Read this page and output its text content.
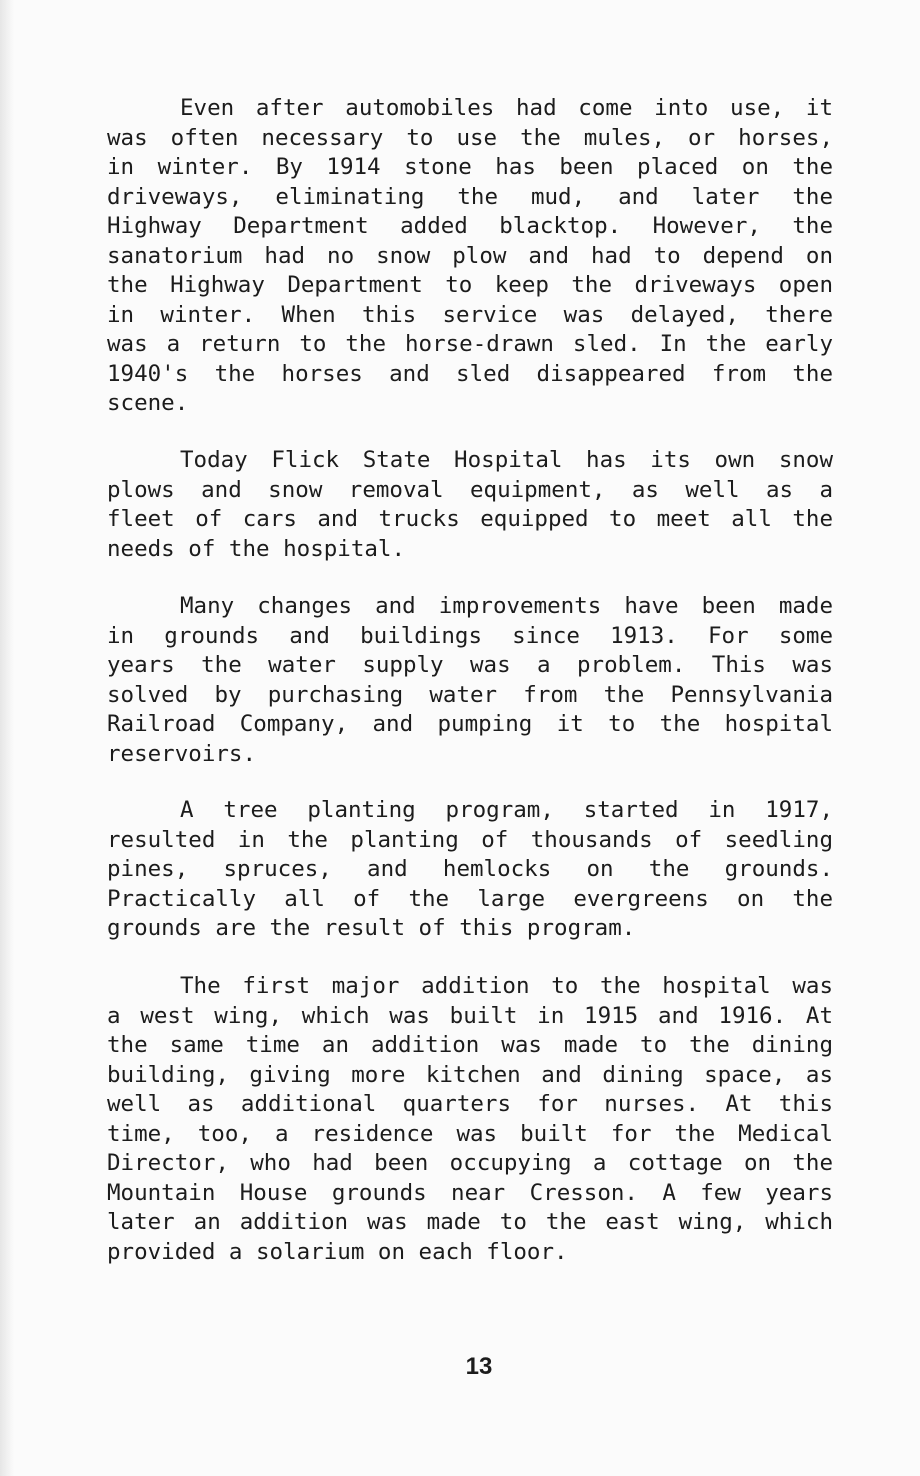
Even after automobiles had come into use, it
was often necessary to use the mules, or horses,
in winter. By 1914 stone has been placed on the
driveways, eliminating the mud, and later the
Highway Department added blacktop. However, the
sanatorium had no snow plow and had to depend on
the Highway Department to keep the driveways open
in winter. When this service was delayed, there
was a return to the horse-drawn sled. In the early
1940's the horses and sled disappeared from the
scene.
Today Flick State Hospital has its own snow
plows and snow removal equipment, as well as a
fleet of cars and trucks equipped to meet all the
needs of the hospital.
Many changes and improvements have been made
in grounds and buildings since 1913. For some
years the water supply was a problem. This was
solved by purchasing water from the Pennsylvania
Railroad Company, and pumping it to the hospital
reservoirs.
A tree planting program, started in 1917,
resulted in the planting of thousands of seedling
pines, spruces, and hemlocks on the grounds.
Practically all of the large evergreens on the
grounds are the result of this program.
The first major addition to the hospital was
a west wing, which was built in 1915 and 1916. At
the same time an addition was made to the dining
building, giving more kitchen and dining space, as
well as additional quarters for nurses. At this
time, too, a residence was built for the Medical
Director, who had been occupying a cottage on the
Mountain House grounds near Cresson. A few years
later an addition was made to the east wing, which
provided a solarium on each floor.
13
